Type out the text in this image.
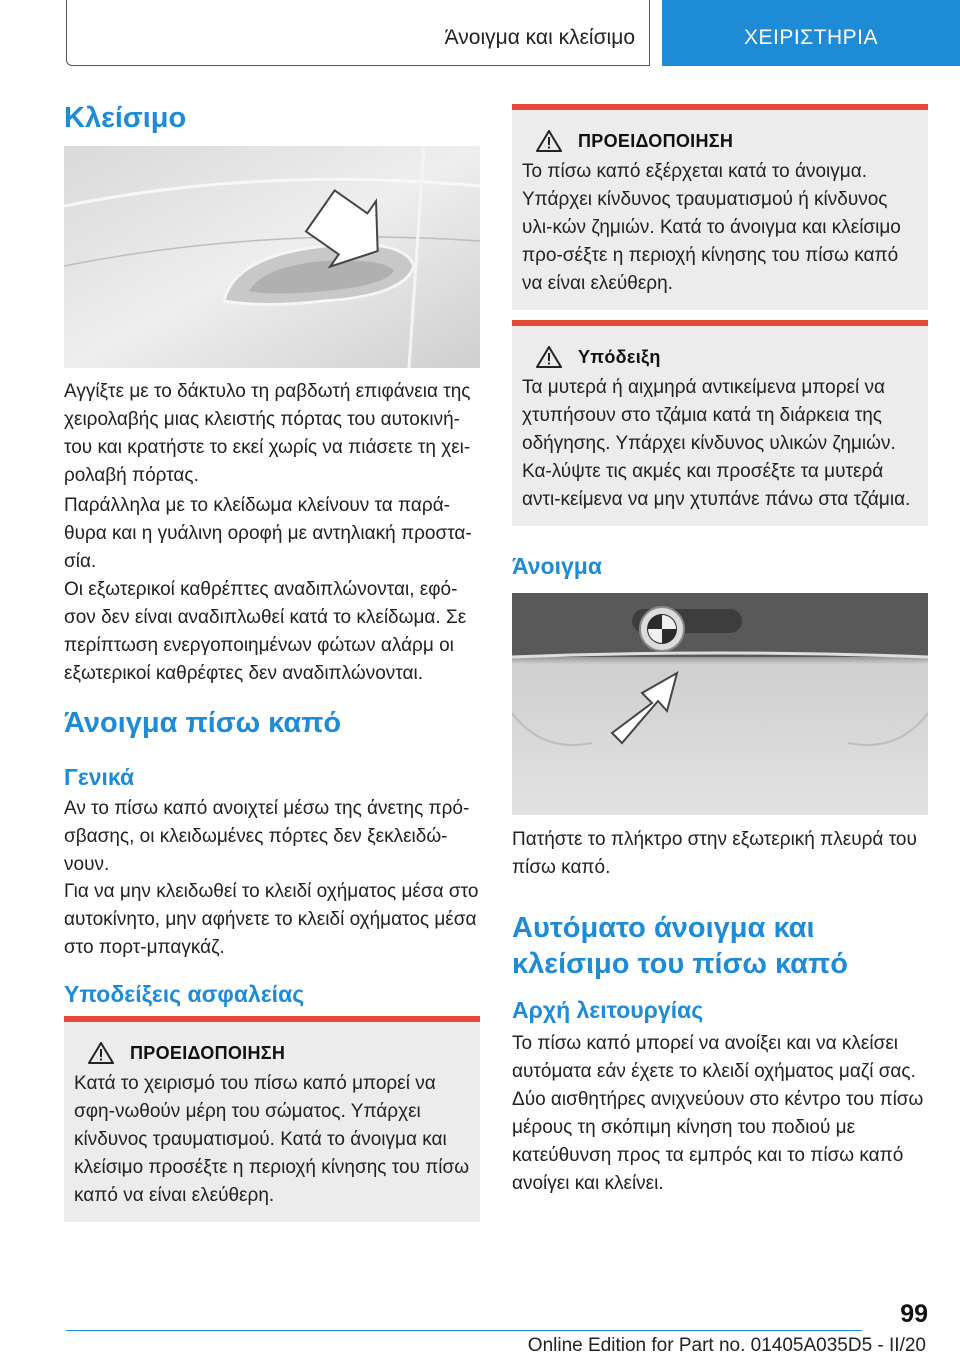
Άνοιγμα και κλείσιμο	ΧΕΙΡΙΣΤΗΡΙΑ
Κλείσιμο
Αγγίξτε με το δάκτυλο τη ραβδωτή επιφάνεια της χειρολαβής μιας κλειστής πόρτας του αυτοκινή-του και κρατήστε το εκεί χωρίς να πιάσετε τη χει-ρολαβή πόρτας.
Παράλληλα με το κλείδωμα κλείνουν τα παρά-θυρα και η γυάλινη οροφή με αντηλιακή προστα-σία.
Οι εξωτερικοί καθρέπτες αναδιπλώνονται, εφό-σον δεν είναι αναδιπλωθεί κατά το κλείδωμα. Σε περίπτωση ενεργοποιημένων φώτων αλάρμ οι εξωτερικοί καθρέφτες δεν αναδιπλώνονται.
Άνοιγμα πίσω καπό
Γενικά
Αν το πίσω καπό ανοιχτεί μέσω της άνετης πρό-σβασης, οι κλειδωμένες πόρτες δεν ξεκλειδώ-νουν.
Για να μην κλειδωθεί το κλειδί οχήματος μέσα στο αυτοκίνητο, μην αφήνετε το κλειδί οχήματος μέσα στο πορτ-μπαγκάζ.
Υποδείξεις ασφαλείας
ΠΡΟΕΙΔΟΠΟΙΗΣΗ
Κατά το χειρισμό του πίσω καπό μπορεί να σφη-νωθούν μέρη του σώματος. Υπάρχει κίνδυνος τραυματισμού. Κατά το άνοιγμα και κλείσιμο προσέξτε η περιοχή κίνησης του πίσω καπό να είναι ελεύθερη.
ΠΡΟΕΙΔΟΠΟΙΗΣΗ
Το πίσω καπό εξέρχεται κατά το άνοιγμα. Υπάρχει κίνδυνος τραυματισμού ή κίνδυνος υλι-κών ζημιών. Κατά το άνοιγμα και κλείσιμο προ-σέξτε η περιοχή κίνησης του πίσω καπό να είναι ελεύθερη.
Υπόδειξη
Τα μυτερά ή αιχμηρά αντικείμενα μπορεί να χτυπήσουν στο τζάμια κατά τη διάρκεια της οδήγησης. Υπάρχει κίνδυνος υλικών ζημιών. Κα-λύψτε τις ακμές και προσέξτε τα μυτερά αντι-κείμενα να μην χτυπάνε πάνω στα τζάμια.
Άνοιγμα
Πατήστε το πλήκτρο στην εξωτερική πλευρά του πίσω καπό.
Αυτόματο άνοιγμα και κλείσιμο του πίσω καπό
Αρχή λειτουργίας
Το πίσω καπό μπορεί να ανοίξει και να κλείσει αυτόματα εάν έχετε το κλειδί οχήματος μαζί σας. Δύο αισθητήρες ανιχνεύουν στο κέντρο του πίσω μέρους τη σκόπιμη κίνηση του ποδιού με κατεύθυνση προς τα εμπρός και το πίσω καπό ανοίγει και κλείνει.
99
Online Edition for Part no. 01405A035D5 - II/20
